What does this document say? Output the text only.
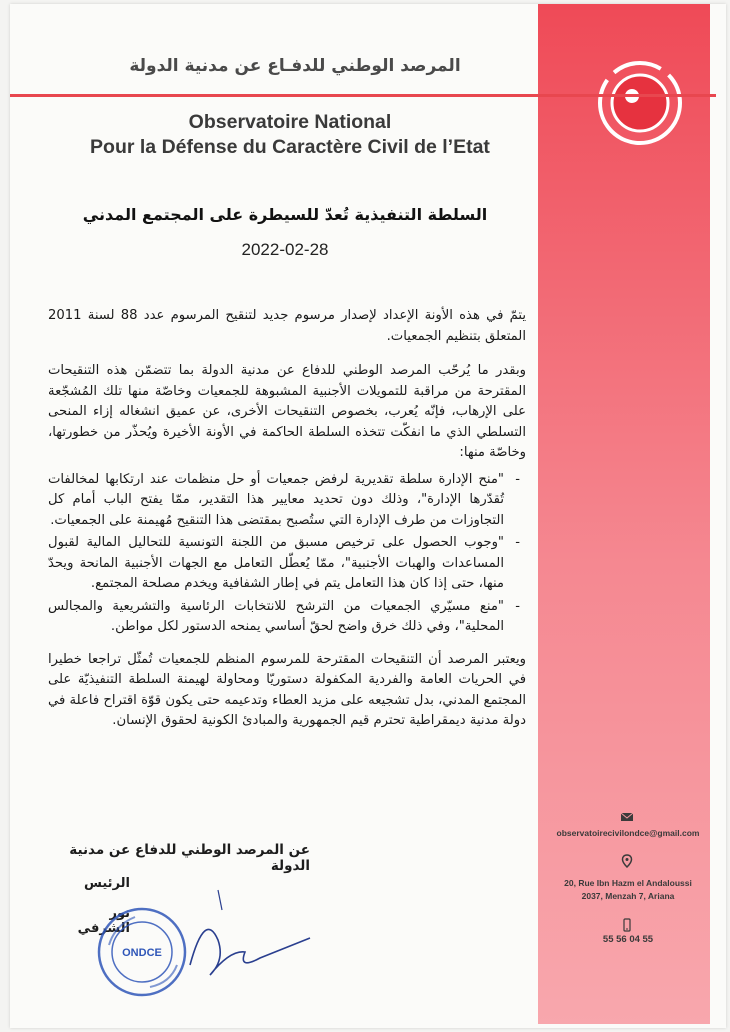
المرصد الوطني للدفـاع عن مدنية الدولة
Observatoire National
Pour la Défense du Caractère Civil de l’Etat
السلطة التنفيذية تُعدّ للسيطرة على المجتمع المدني
2022-02-28

يتمّ في هذه الأونة الإعداد لإصدار مرسوم جديد لتنقيح المرسوم عدد 88 لسنة 2011 المتعلق بتنظيم الجمعيات.

وبقدر ما يُرحّب المرصد الوطني للدفاع عن مدنية الدولة بما تتضمّن هذه التنقيحات المقترحة من مراقبة للتمويلات الأجنبية المشبوهة للجمعيات وخاصّة منها تلك المُشجّعة على الإرهاب، فإنّه يُعرب، بخصوص التنقيحات الأخرى، عن عميق انشغاله إزاء المنحى التسلطي الذي ما انفكّت تتخذه السلطة الحاكمة في الأونة الأخيرة ويُحذّر من خطورتها، وخاصّة منها:

- "منح الإدارة سلطة تقديرية لرفض جمعيات أو حل منظمات عند ارتكابها لمخالفات تُقدّرها الإدارة"، وذلك دون تحديد معايير هذا التقدير، ممّا يفتح الباب أمام كل التجاوزات من طرف الإدارة التي ستُصبح بمقتضى هذا التنقيح مُهيمنة على الجمعيات.
- "وجوب الحصول على ترخيص مسبق من اللجنة التونسية للتحاليل المالية لقبول المساعدات والهبات الأجنبية"، ممّا يُعطّل التعامل مع الجهات الأجنبية المانحة ويحدّ منها، حتى إذا كان هذا التعامل يتم في إطار الشفافية ويخدم مصلحة المجتمع.
- "منع مسيّري الجمعيات من الترشح للانتخابات الرئاسية والتشريعية والمجالس المحلية"، وفي ذلك خرق واضح لحقّ أساسي يمنحه الدستور لكل مواطن.

ويعتبر المرصد أن التنقيحات المقترحة للمرسوم المنظم للجمعيات تُمثّل تراجعا خطيرا في الحريات العامة والفردية المكفولة دستوريّا ومحاولة لهيمنة السلطة التنفيذيّة على المجتمع المدني، بدل تشجيعه على مزيد العطاء وتدعيمه حتى يكون قوّة اقتراح فاعلة في دولة مدنية ديمقراطية تحترم قيم الجمهورية والمبادئ الكونية لحقوق الإنسان.

عن المرصد الوطني للدفاع عن مدنية الدولة
الرئيس
نور الشرفي
ONDCE
observatoirecivilondce@gmail.com
20, Rue Ibn Hazm el Andaloussi
2037, Menzah 7, Ariana
55 56 04 55
